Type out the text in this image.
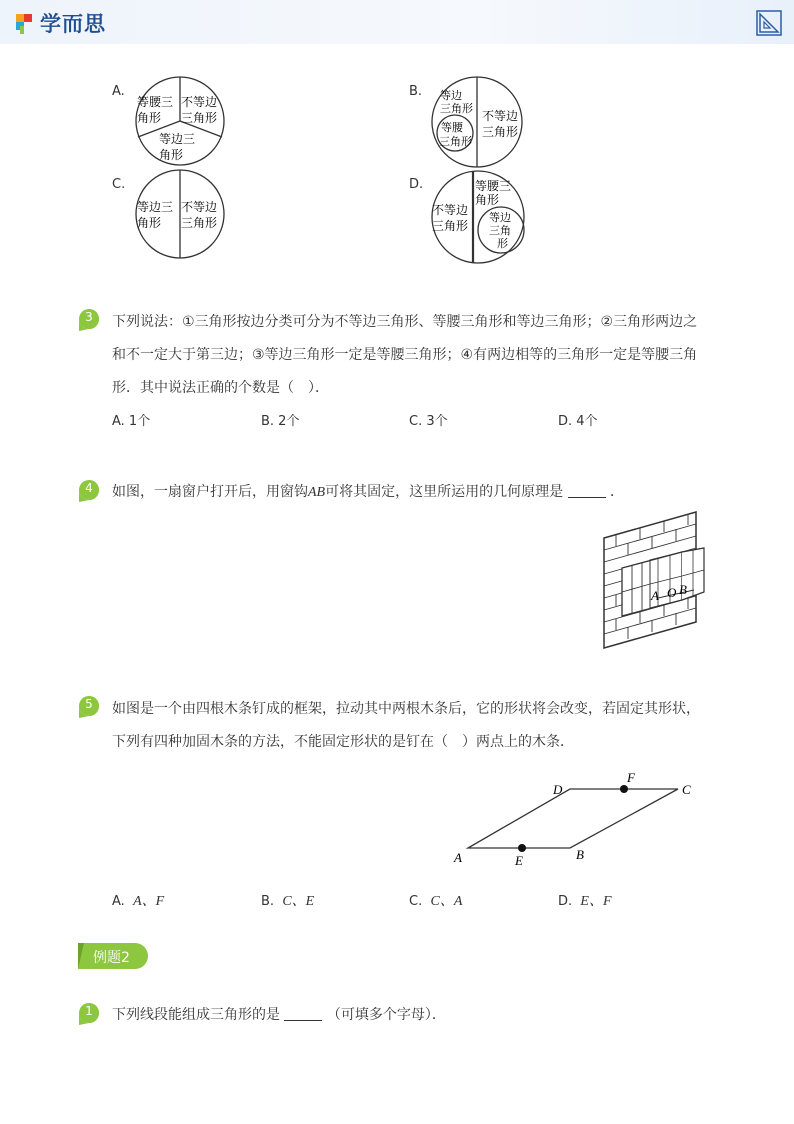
学而思
A.
等腰三
角形
不等边
三角形
等边三
角形
B. 等边
三角形
等腰
三角形
不等边
三角形
C.
等边三
角形
不等边
三角形
D.
不等边
三角形
等腰三
角形
等边
三角
形
3	下列说法：①三角形按边分类可分为不等边三角形、等腰三角形和等边三角形；②三角形两边之
和不一定大于第三边；③等边三角形一定是等腰三角形；④有两边相等的三角形一定是等腰三角
形．其中说法正确的个数是（　）．
A. 1个	B. 2个	C. 3个	D. 4个
4	如图，一扇窗户打开后，用窗钩AB可将其固定，这里所运用的几何原理是	．
A O B
5	如图是一个由四根木条钉成的框架，拉动其中两根木条后，它的形状将会改变，若固定其形状，
下列有四种加固木条的方法，不能固定形状的是钉在（　）两点上的木条．
A	B
C
D
E
F
A. A、F	B. C、E	C. C、A	D. E、F
例题2
1	下列线段能组成三角形的是	（可填多个字母）．
